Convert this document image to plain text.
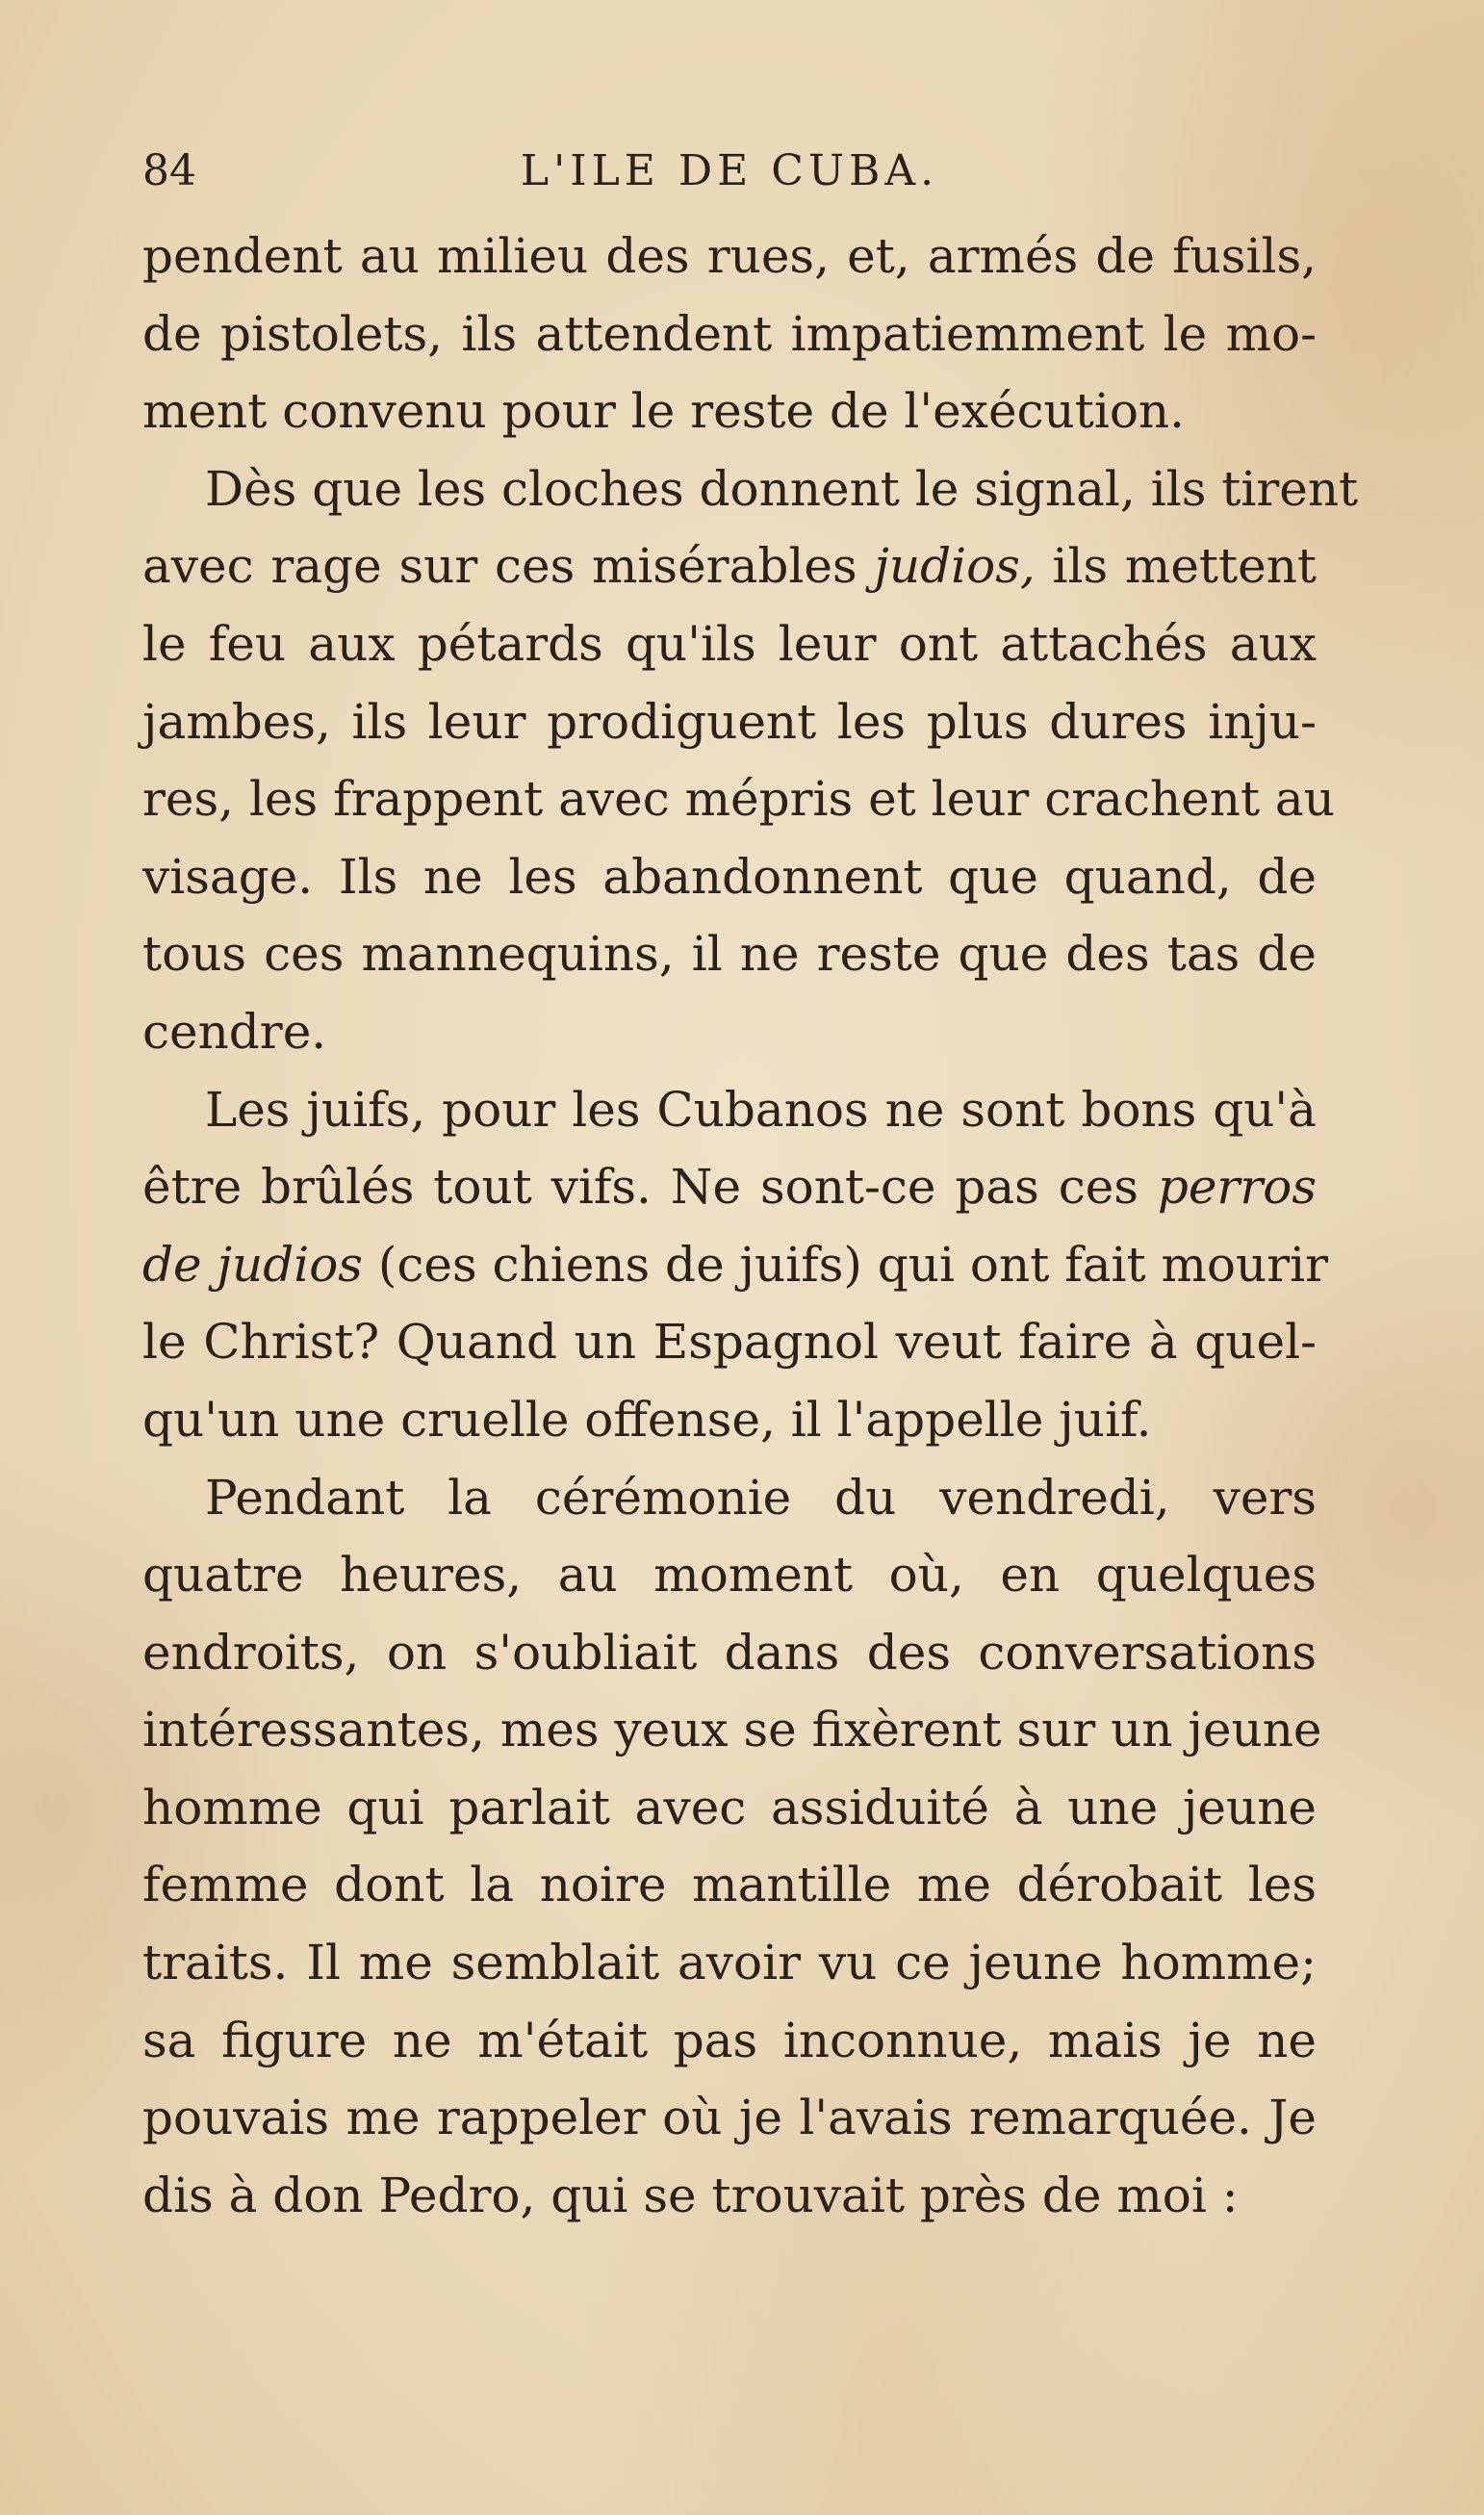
84	L'ILE DE CUBA.
pendent au milieu des rues, et, armés de fusils,
de pistolets, ils attendent impatiemment le mo-
ment convenu pour le reste de l'exécution.
Dès que les cloches donnent le signal, ils tirent
avec rage sur ces misérables judios, ils mettent
le feu aux pétards qu'ils leur ont attachés aux
jambes, ils leur prodiguent les plus dures inju-
res, les frappent avec mépris et leur crachent au
visage. Ils ne les abandonnent que quand, de
tous ces mannequins, il ne reste que des tas de
cendre.
Les juifs, pour les Cubanos ne sont bons qu'à
être brûlés tout vifs. Ne sont-ce pas ces perros
de judios (ces chiens de juifs) qui ont fait mourir
le Christ? Quand un Espagnol veut faire à quel-
qu'un une cruelle offense, il l'appelle juif.
Pendant la cérémonie du vendredi, vers
quatre heures, au moment où, en quelques
endroits, on s'oubliait dans des conversations
intéressantes, mes yeux se fixèrent sur un jeune
homme qui parlait avec assiduité à une jeune
femme dont la noire mantille me dérobait les
traits. Il me semblait avoir vu ce jeune homme;
sa figure ne m'était pas inconnue, mais je ne
pouvais me rappeler où je l'avais remarquée. Je
dis à don Pedro, qui se trouvait près de moi :
